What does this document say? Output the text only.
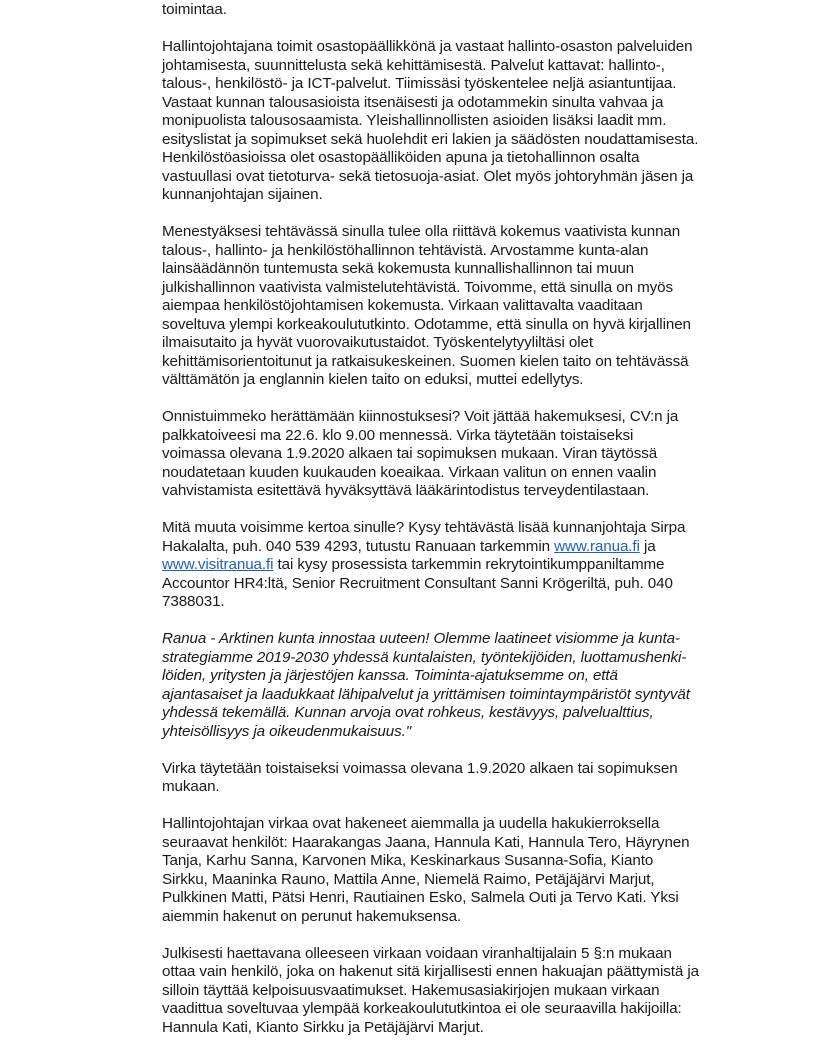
toimintaa.
Hallintojohtajana toimit osastopäällikkönä ja vastaat hallinto-osaston palveluiden
johtamisesta, suunnittelusta sekä kehittämisestä. Palvelut kattavat: hallinto-,
talous-, henkilöstö- ja ICT-palvelut. Tiimissäsi työskentelee neljä asiantuntijaa.
Vastaat kunnan talousasioista itsenäisesti ja odotammekin sinulta vahvaa ja
monipuolista talousosaamista. Yleishallinnollisten asioiden lisäksi laadit mm.
esityslistat ja sopimukset sekä huolehdit eri lakien ja säädösten noudattamisesta.
Henkilöstöasioissa olet osastopäälliköiden apuna ja tietohallinnon osalta
vastuullasi ovat tietoturva- sekä tietosuoja-asiat. Olet myös johtoryhmän jäsen ja
kunnanjohtajan sijainen.
Menestyäksesi tehtävässä sinulla tulee olla riittävä kokemus vaativista kunnan
talous-, hallinto- ja henkilöstöhallinnon tehtävistä. Arvostamme kunta-alan
lainsäädännön tuntemusta sekä kokemusta kunnallishallinnon tai muun
julkishallinnon vaativista valmistelutehtävistä. Toivomme, että sinulla on myös
aiempaa henkilöstöjohtamisen kokemusta. Virkaan valittavalta vaaditaan
soveltuva ylempi korkeakoulututkinto. Odotamme, että sinulla on hyvä kirjallinen
ilmaisutaito ja hyvät vuorovaikutustaidot. Työskentelytyyliltäsi olet
kehittämisorientoitunut ja ratkaisukeskeinen. Suomen kielen taito on tehtävässä
välttämätön ja englannin kielen taito on eduksi, muttei edellytys.
Onnistuimmeko herättämään kiinnostuksesi? Voit jättää hakemuksesi, CV:n ja
palkkatoiveesi ma 22.6. klo 9.00 mennessä. Virka täytetään toistaiseksi
voimassa olevana 1.9.2020 alkaen tai sopimuksen mukaan. Viran täytössä
noudatetaan kuuden kuukauden koeaikaa. Virkaan valitun on ennen vaalin
vahvistamista esitettävä hyväksyttävä lääkärintodistus terveydentilastaan.
Mitä muuta voisimme kertoa sinulle? Kysy tehtävästä lisää kunnanjohtaja Sirpa
Hakalalta, puh. 040 539 4293, tutustu Ranuaan tarkemmin www.ranua.fi ja
www.visitranua.fi tai kysy prosessista tarkemmin rekrytointikumppaniltamme
Accountor HR4:ltä, Senior Recruitment Consultant Sanni Krögeriltä, puh. 040
7388031.
Ranua - Arktinen kunta innostaa uuteen! Olemme laatineet visiomme ja kunta-
strategiamme 2019-2030 yhdessä kuntalaisten, työntekijöiden, luottamushenki-
löiden, yritysten ja järjestöjen kanssa. Toiminta-ajatuksemme on, että
ajantasaiset ja laadukkaat lähipalvelut ja yrittämisen toimintaympäristöt syntyvät
yhdessä tekemällä. Kunnan arvoja ovat rohkeus, kestävyys, palvelualttius,
yhteisöllisyys ja oikeudenmukaisuus."
Virka täytetään toistaiseksi voimassa olevana 1.9.2020 alkaen tai sopimuksen
mukaan.
Hallintojohtajan virkaa ovat hakeneet aiemmalla ja uudella hakukierroksella
seuraavat henkilöt: Haarakangas Jaana, Hannula Kati, Hannula Tero, Häyrynen
Tanja, Karhu Sanna, Karvonen Mika, Keskinarkaus Susanna-Sofia, Kianto
Sirkku, Maaninka Rauno, Mattila Anne, Niemelä Raimo, Petäjäjärvi Marjut,
Pulkkinen Matti, Pätsi Henri, Rautiainen Esko, Salmela Outi ja Tervo Kati. Yksi
aiemmin hakenut on perunut hakemuksensa.
Julkisesti haettavana olleeseen virkaan voidaan viranhaltijalain 5 §:n mukaan
ottaa vain henkilö, joka on hakenut sitä kirjallisesti ennen hakuajan päättymistä ja
silloin täyttää kelpoisuusvaatimukset. Hakemusasiakirjojen mukaan virkaan
vaadittua soveltuvaa ylempää korkeakoulututkintoa ei ole seuraavilla hakijoilla:
Hannula Kati, Kianto Sirkku ja Petäjäjärvi Marjut.
